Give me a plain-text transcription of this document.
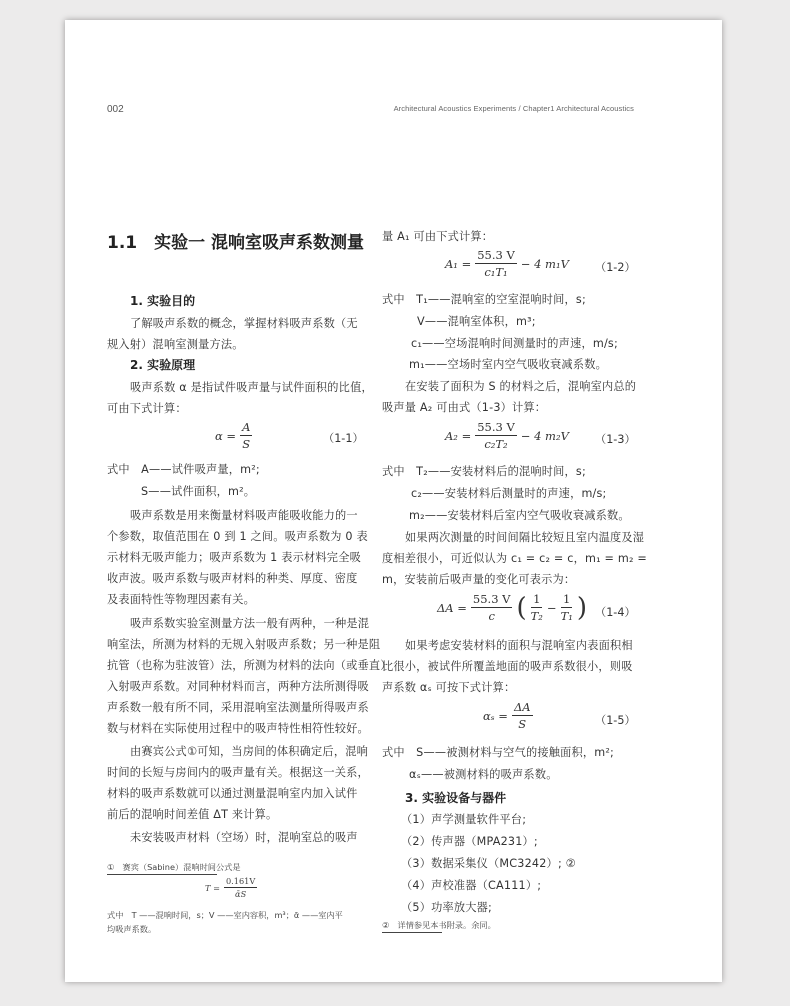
002	Architectural Acoustics Experiments / Chapter1 Architectural Acoustics
1.1　实验一 混响室吸声系数测量
1. 实验目的
了解吸声系数的概念，掌握材料吸声系数（无
规入射）混响室测量方法。
2. 实验原理
吸声系数 α 是指试件吸声量与试件面积的比值，
可由下式计算：
$\alpha = \frac{A}{S}$	（1-1）
式中　A——试件吸声量，m²;
S——试件面积，m²。
吸声系数是用来衡量材料吸声能吸收能力的一
个参数，取值范围在 0 到 1 之间。吸声系数为 0 表
示材料无吸声能力；吸声系数为 1 表示材料完全吸
收声波。吸声系数与吸声材料的种类、厚度、密度
及表面特性等物理因素有关。
吸声系数实验室测量方法一般有两种，一种是混
响室法，所测为材料的无规入射吸声系数；另一种是阻
抗管（也称为驻波管）法，所测为材料的法向（或垂直）
入射吸声系数。对同种材料而言，两种方法所测得吸
声系数一般有所不同，采用混响室法测量所得吸声系
数与材料在实际使用过程中的吸声特性相符性较好。
由赛宾公式①可知，当房间的体积确定后，混响
时间的长短与房间内的吸声量有关。根据这一关系，
材料的吸声系数就可以通过测量混响室内加入试件
前后的混响时间差值 ΔT 来计算。
未安装吸声材料（空场）时，混响室总的吸声
①　赛宾（Sabine）混响时间公式是
$T = \frac{0.161V}{\text{ᾱS}}$
式中　T ——混响时间，s；V ——室内容积，m³；ᾱ ——室内平
均吸声系数。
量 A₁ 可由下式计算：
$A_1 = \frac{55.3 V}{\text{c₁T₁}} - 4$ m₁V （1-2）
式中　T₁——混响室的空室混响时间，s;
V——混响室体积，m³;
c₁——空场混响时间测量时的声速，m/s;
m₁——空场时室内空气吸收衰减系数。
在安装了面积为 S 的材料之后，混响室内总的
吸声量 A₂ 可由式（1-3）计算：
$A_2 = \frac{55.3 V}{\text{c₂T₂}} - 4$ m₂V （1-3）
式中　T₂——安装材料后的混响时间，s;
c₂——安装材料后测量时的声速，m/s;
m₂——安装材料后室内空气吸收衰减系数。
如果两次测量的时间间隔比较短且室内温度及湿
度相差很小，可近似认为 c₁ = c₂ = c，m₁ = m₂ =
m，安装前后吸声量的变化可表示为：
$\Delta A = \frac{55.3 V}{c}$ ( $\frac{1}{\text{T₂}} - \frac{1}{\text{T₁}}$ ) （1-4）
如果考虑安装材料的面积与混响室内表面积相
比很小，被试件所覆盖地面的吸声系数很小，则吸
声系数 αₛ 可按下式计算：
$\alpha_s = \frac{\Delta A}{S}$	（1-5）
式中　S——被测材料与空气的接触面积，m²;
αₛ——被测材料的吸声系数。
3. 实验设备与器件
（1）声学测量软件平台;
（2）传声器（MPA231）;
（3）数据采集仪（MC3242）; ②
（4）声校准器（CA111）;
（5）功率放大器;
②　详情参见本书附录。余同。
